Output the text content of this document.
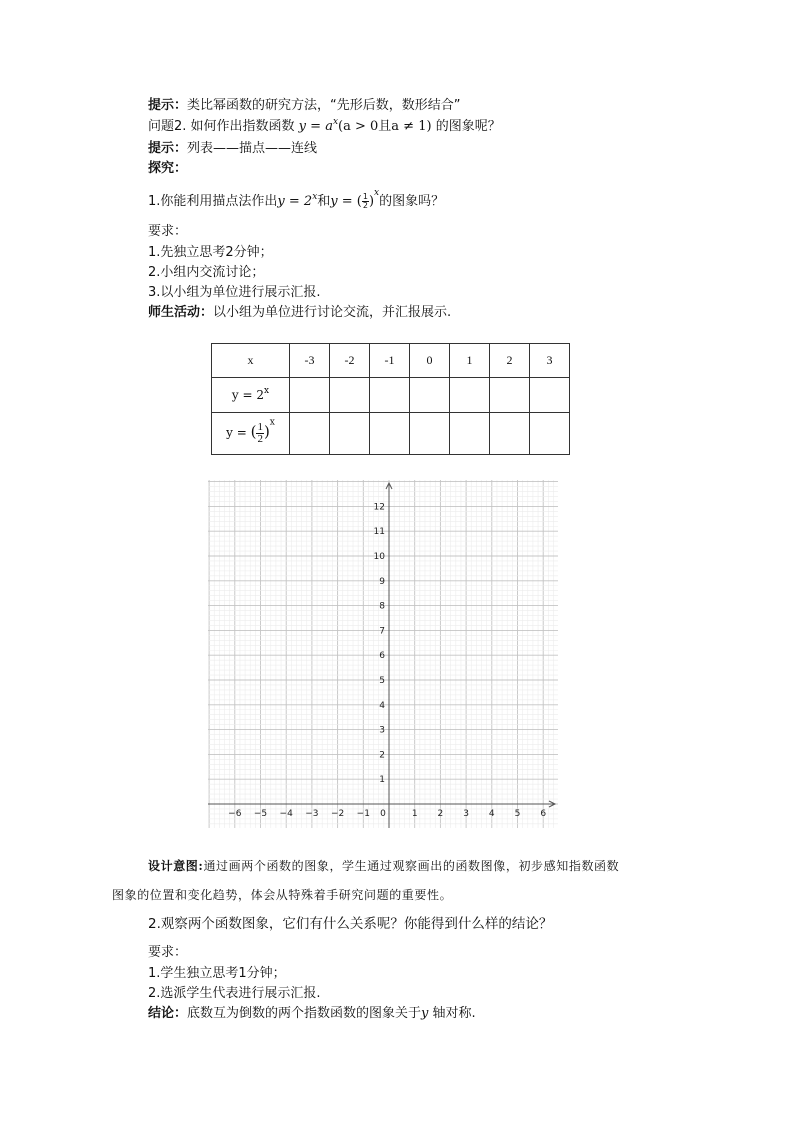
提示：类比幂函数的研究方法，“先形后数，数形结合”
问题2. 如何作出指数函数 $y = a^x(a > 0$且a ≠ 1) 的图象呢？
提示：列表——描点——连线
探究：
1.你能利用描点法作出$y = 2^x$和y = ( $\frac{1}{2} )^x$的图象吗？
要求：
1.先独立思考2分钟；
2.小组内交流讨论；
3.以小组为单位进行展示汇报.
师生活动：以小组为单位进行讨论交流，并汇报展示.
x	-3	-2	-1	0	1	2	3
$y = 2^x$							
y = ( $\frac{1}{2} )^x$							
−6 −5 −4 −3 −2 −1 0	1 2 3 4 5 6
1
2
3
4
5
6
7
8
9
10
11
12
设计意图:通过画两个函数的图象，学生通过观察画出的函数图像，初步感知指数函数
图象的位置和变化趋势，体会从特殊着手研究问题的重要性。
2.观察两个函数图象，它们有什么关系呢？你能得到什么样的结论？
要求：
1.学生独立思考1分钟；
2.选派学生代表进行展示汇报.
结论：底数互为倒数的两个指数函数的图象关于y 轴对称.
